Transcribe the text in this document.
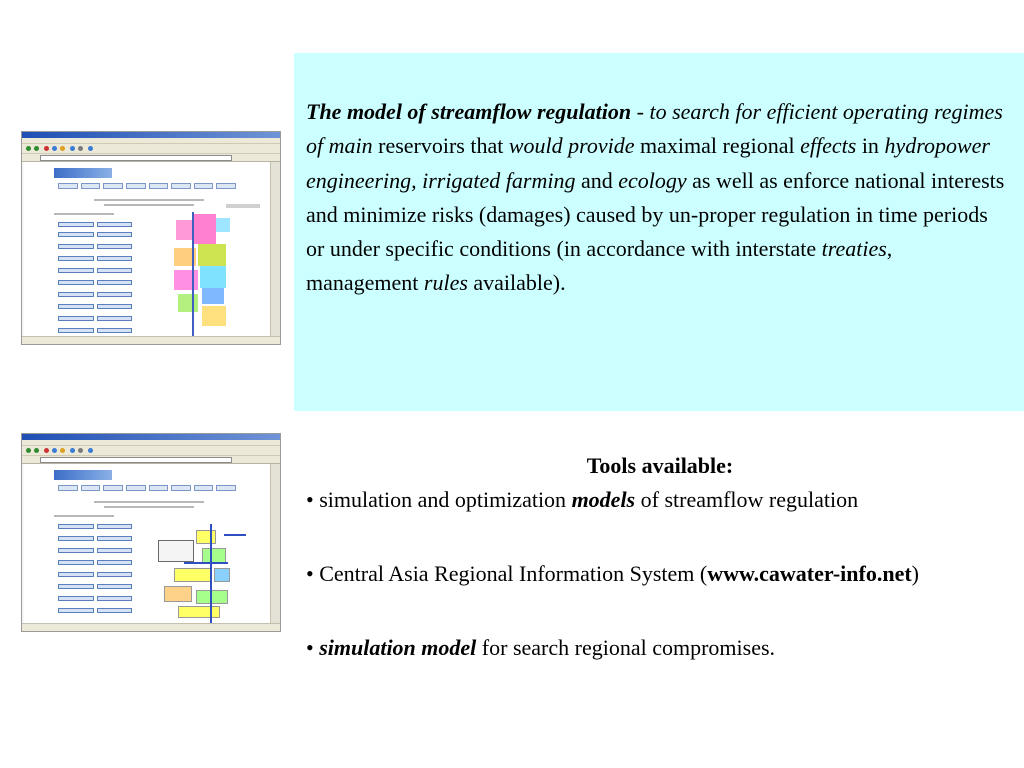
The model of streamflow regulation - to search for efficient operating regimes of main reservoirs that would provide maximal regional effects in hydropower engineering, irrigated farming and ecology as well as enforce national interests and minimize risks (damages) caused by un-proper regulation in time periods or under specific conditions (in accordance with interstate treaties, management rules available).

Tools available:

• simulation and optimization models of streamflow regulation

• Central Asia Regional Information System (www.cawater-info.net)

• simulation model for search regional compromises.
